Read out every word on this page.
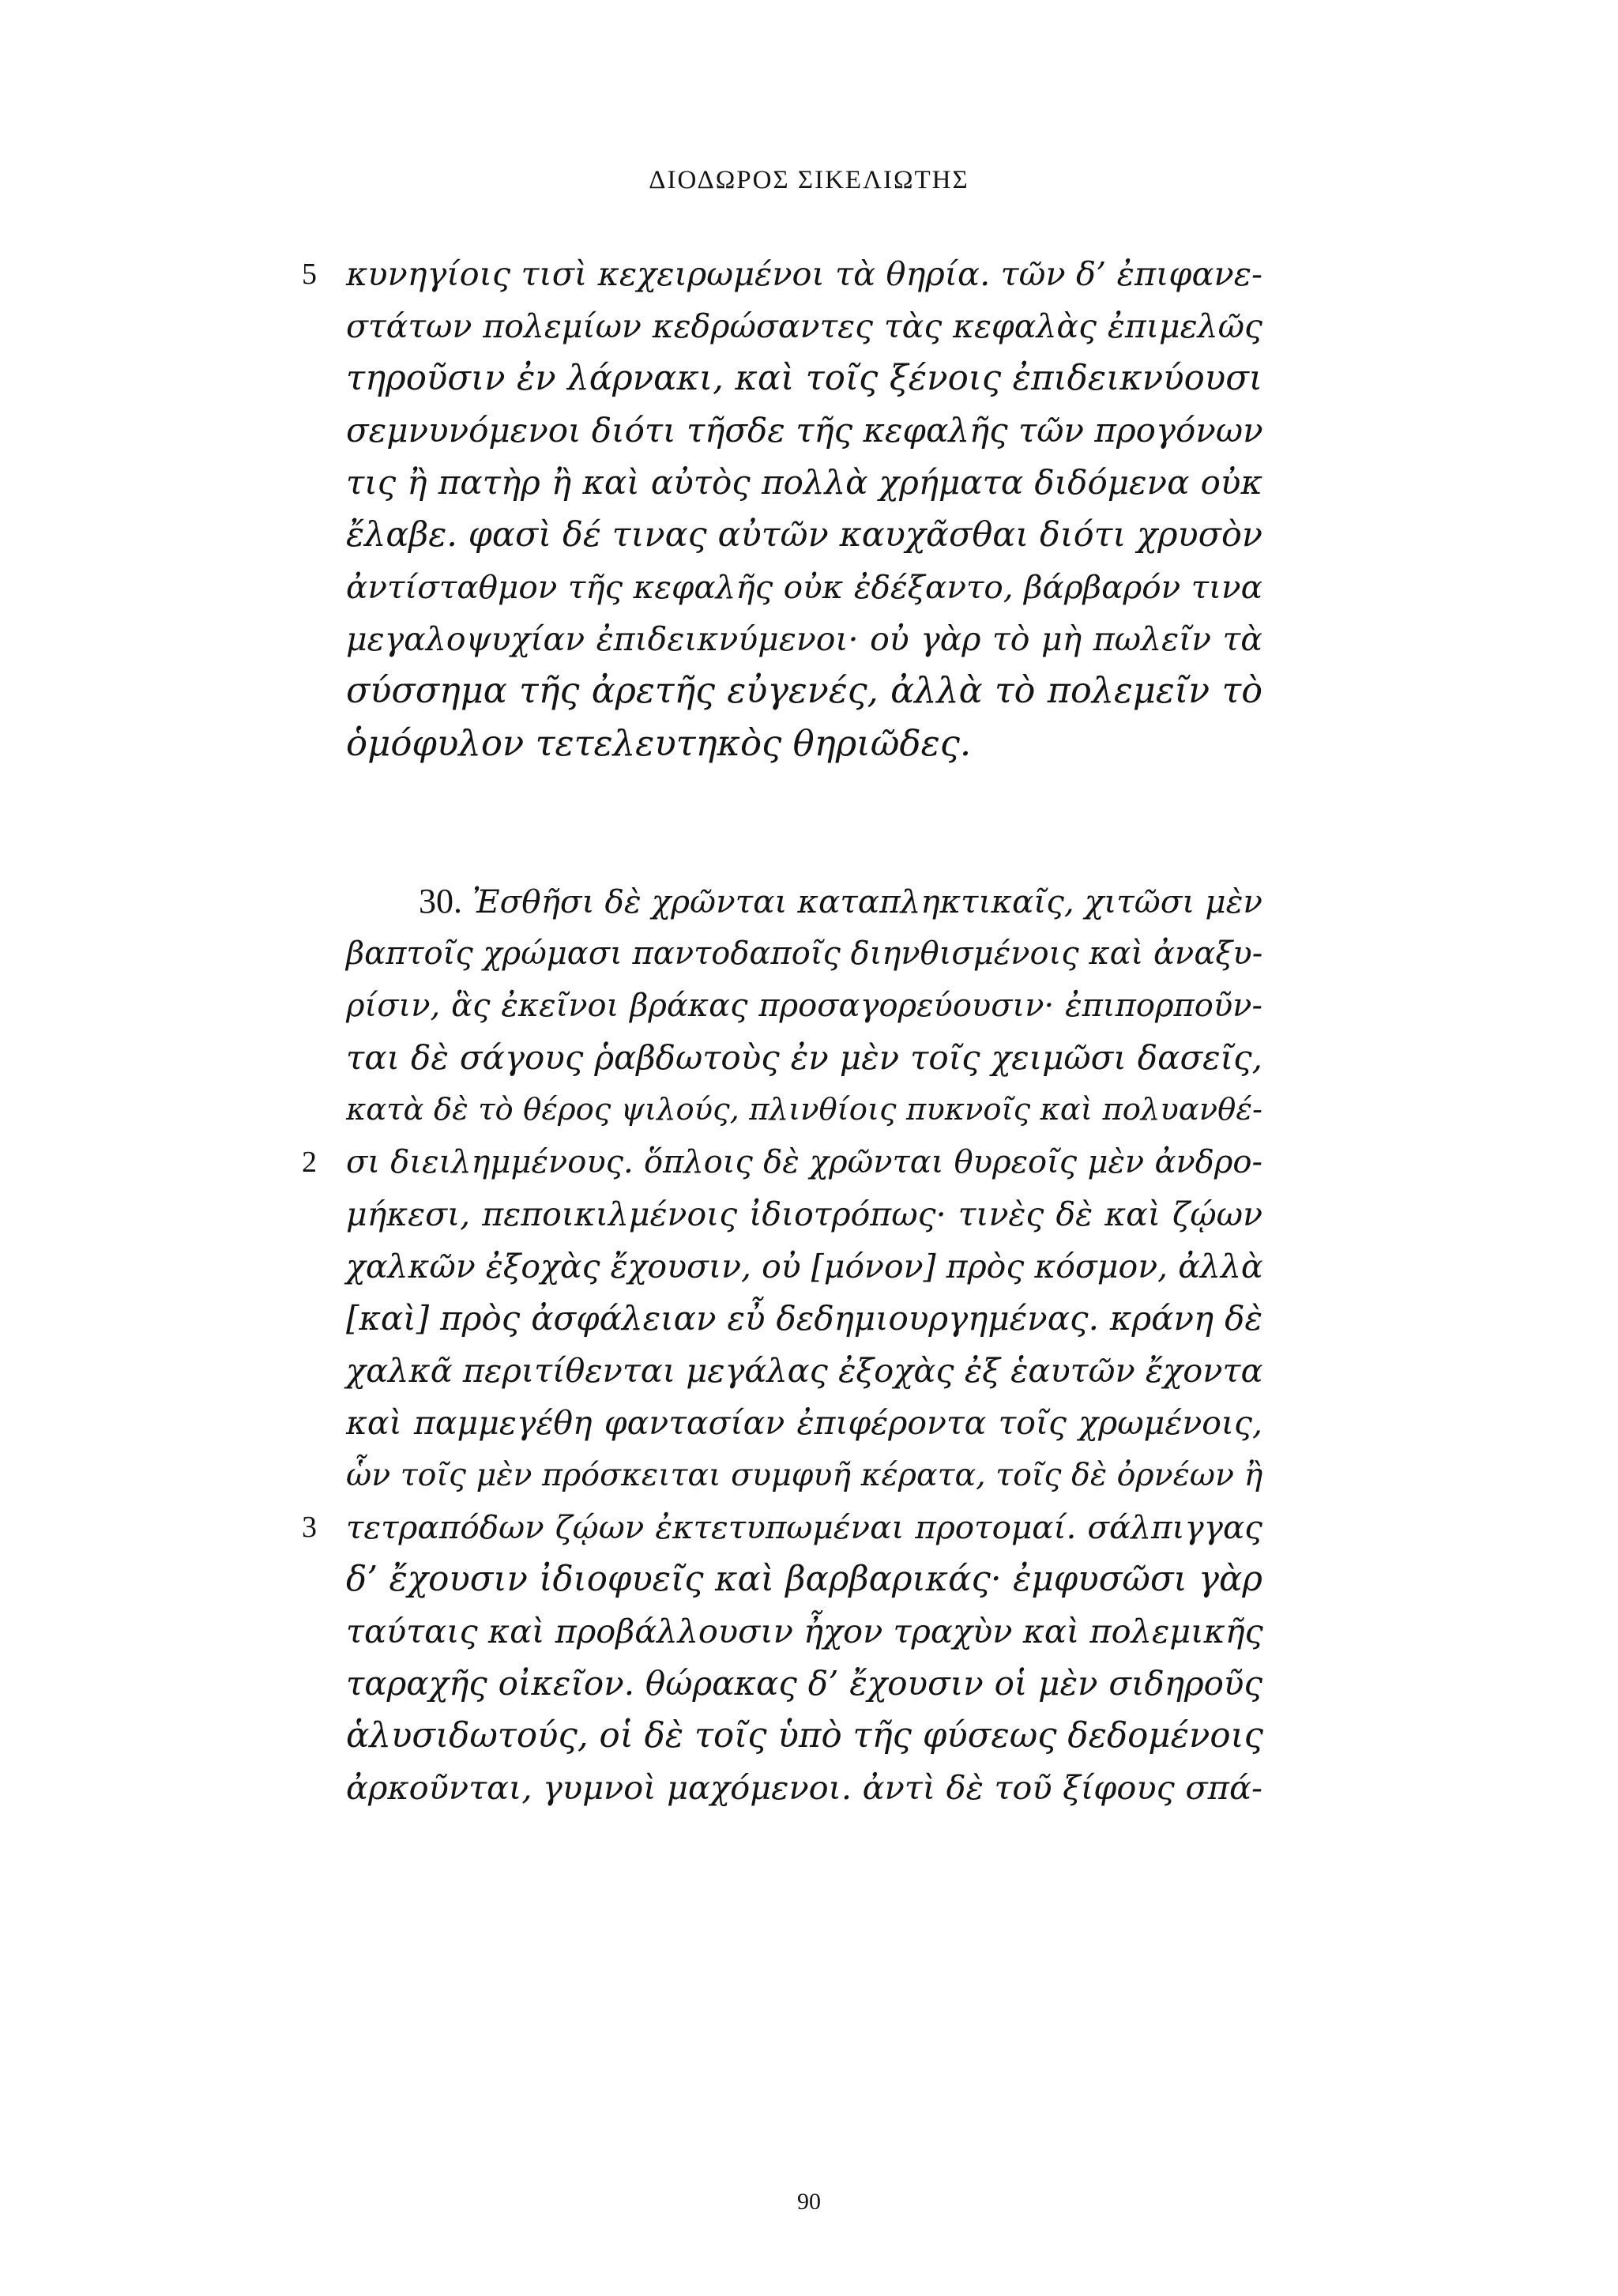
ΔΙΟΔΩΡΟΣ ΣΙΚΕΛΙΩΤΗΣ
5 κυνηγίοις τισὶ κεχειρωμένοι τὰ θηρία. τῶν δ’ ἐπιφανε-
στάτων πολεμίων κεδρώσαντες τὰς κεφαλὰς ἐπιμελῶς
τηροῦσιν ἐν λάρνακι, καὶ τοῖς ξένοις ἐπιδεικνύουσι
σεμνυνόμενοι διότι τῆσδε τῆς κεφαλῆς τῶν προγόνων
τις ἢ πατὴρ ἢ καὶ αὐτὸς πολλὰ χρήματα διδόμενα οὐκ
ἔλαβε. φασὶ δέ τινας αὐτῶν καυχᾶσθαι διότι χρυσὸν
ἀντίσταθμον τῆς κεφαλῆς οὐκ ἐδέξαντο, βάρβαρόν τινα
μεγαλοψυχίαν ἐπιδεικνύμενοι· οὐ γὰρ τὸ μὴ πωλεῖν τὰ
σύσσημα τῆς ἀρετῆς εὐγενές, ἀλλὰ τὸ πολεμεῖν τὸ
ὁμόφυλον τετελευτηκὸς θηριῶδες.
30. Ἐσθῆσι δὲ χρῶνται καταπληκτικαῖς, χιτῶσι μὲν
βαπτοῖς χρώμασι παντοδαποῖς διηνθισμένοις καὶ ἀναξυ-
ρίσιν, ἃς ἐκεῖνοι βράκας προσαγορεύουσιν· ἐπιπορποῦν-
ται δὲ σάγους ῥαβδωτοὺς ἐν μὲν τοῖς χειμῶσι δασεῖς,
κατὰ δὲ τὸ θέρος ψιλούς, πλινθίοις πυκνοῖς καὶ πολυανθέ-
2 σι διειλημμένους. ὅπλοις δὲ χρῶνται θυρεοῖς μὲν ἀνδρο-
μήκεσι, πεποικιλμένοις ἰδιοτρόπως· τινὲς δὲ καὶ ζῴων
χαλκῶν ἐξοχὰς ἔχουσιν, οὐ [μόνον] πρὸς κόσμον, ἀλλὰ
[καὶ] πρὸς ἀσφάλειαν εὖ δεδημιουργημένας. κράνη δὲ
χαλκᾶ περιτίθενται μεγάλας ἐξοχὰς ἐξ ἑαυτῶν ἔχοντα
καὶ παμμεγέθη φαντασίαν ἐπιφέροντα τοῖς χρωμένοις,
ὧν τοῖς μὲν πρόσκειται συμφυῆ κέρατα, τοῖς δὲ ὀρνέων ἢ
3 τετραπόδων ζῴων ἐκτετυπωμέναι προτομαί. σάλπιγγας
δ’ ἔχουσιν ἰδιοφυεῖς καὶ βαρβαρικάς· ἐμφυσῶσι γὰρ
ταύταις καὶ προβάλλουσιν ἦχον τραχὺν καὶ πολεμικῆς
ταραχῆς οἰκεῖον. θώρακας δ’ ἔχουσιν οἱ μὲν σιδηροῦς
ἁλυσιδωτούς, οἱ δὲ τοῖς ὑπὸ τῆς φύσεως δεδομένοις
ἀρκοῦνται, γυμνοὶ μαχόμενοι. ἀντὶ δὲ τοῦ ξίφους σπά-
90
